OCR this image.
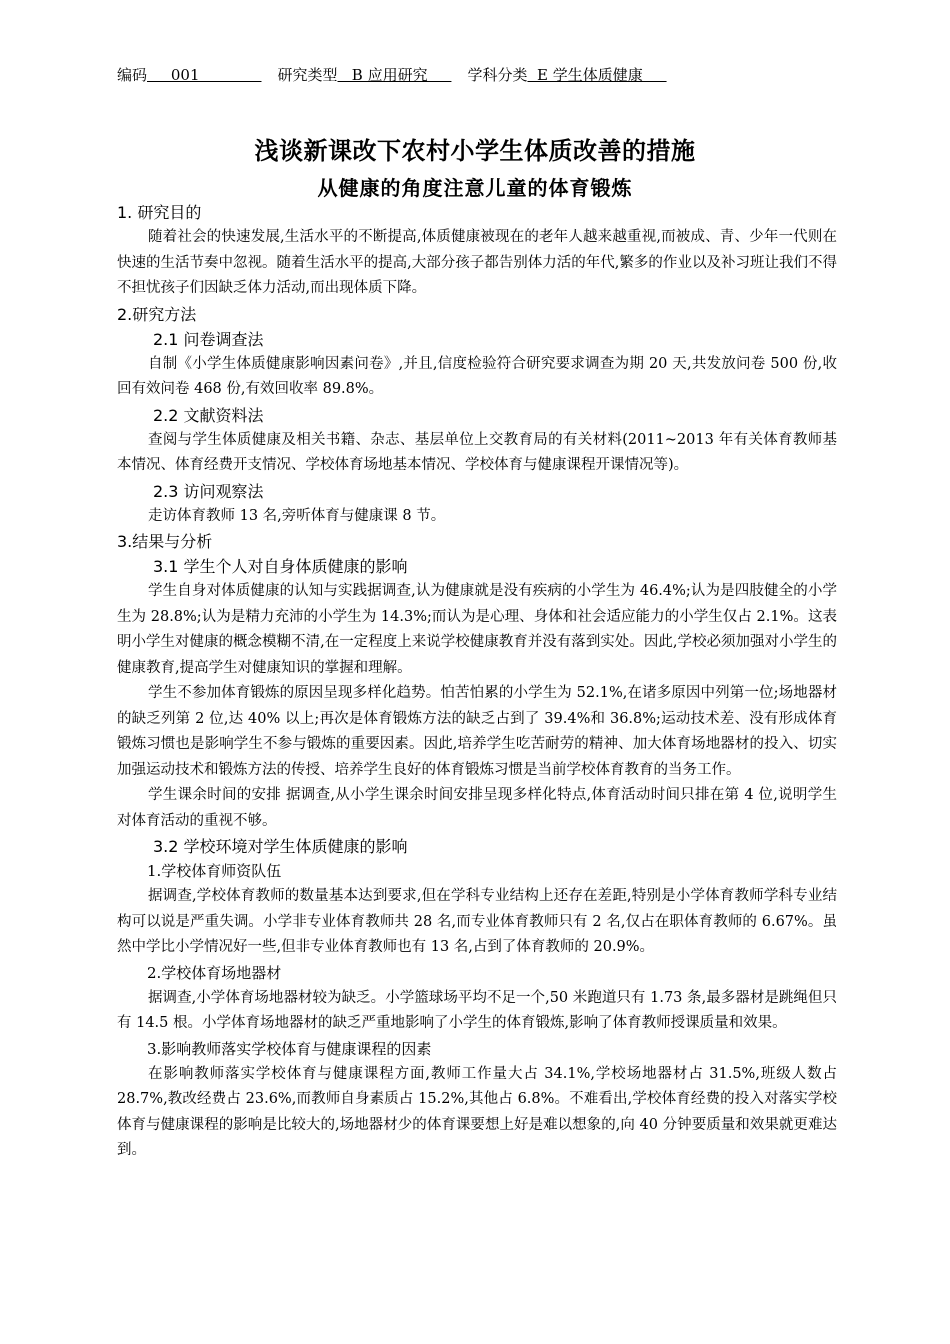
编码     001             研究类型   B 应用研究     学科分类  E 学生体质健康
浅谈新课改下农村小学生体质改善的措施
从健康的角度注意儿童的体育锻炼

1. 研究目的

随着社会的快速发展,生活水平的不断提高,体质健康被现在的老年人越来越重视,而被成、青、少年一代则在快速的生活节奏中忽视。随着生活水平的提高,大部分孩子都告别体力活的年代,繁多的作业以及补习班让我们不得不担忧孩子们因缺乏体力活动,而出现体质下降。

2.研究方法

2.1 问卷调查法

自制《小学生体质健康影响因素问卷》,并且,信度检验符合研究要求调查为期 20 天,共发放问卷 500 份,收回有效问卷 468 份,有效回收率 89.8%。

2.2 文献资料法

查阅与学生体质健康及相关书籍、杂志、基层单位上交教育局的有关材料(2011~2013 年有关体育教师基本情况、体育经费开支情况、学校体育场地基本情况、学校体育与健康课程开课情况等)。

2.3 访问观察法

走访体育教师 13 名,旁听体育与健康课 8 节。

3.结果与分析

3.1 学生个人对自身体质健康的影响

学生自身对体质健康的认知与实践据调查,认为健康就是没有疾病的小学生为 46.4%;认为是四肢健全的小学生为 28.8%;认为是精力充沛的小学生为 14.3%;而认为是心理、身体和社会适应能力的小学生仅占 2.1%。这表明小学生对健康的概念模糊不清,在一定程度上来说学校健康教育并没有落到实处。因此,学校必须加强对小学生的健康教育,提高学生对健康知识的掌握和理解。

学生不参加体育锻炼的原因呈现多样化趋势。怕苦怕累的小学生为 52.1%,在诸多原因中列第一位;场地器材的缺乏列第 2 位,达 40% 以上;再次是体育锻炼方法的缺乏占到了 39.4%和 36.8%;运动技术差、没有形成体育锻炼习惯也是影响学生不参与锻炼的重要因素。因此,培养学生吃苦耐劳的精神、加大体育场地器材的投入、切实加强运动技术和锻炼方法的传授、培养学生良好的体育锻炼习惯是当前学校体育教育的当务工作。

学生课余时间的安排 据调查,从小学生课余时间安排呈现多样化特点,体育活动时间只排在第 4 位,说明学生对体育活动的重视不够。

3.2 学校环境对学生体质健康的影响

1.学校体育师资队伍

据调查,学校体育教师的数量基本达到要求,但在学科专业结构上还存在差距,特别是小学体育教师学科专业结构可以说是严重失调。小学非专业体育教师共 28 名,而专业体育教师只有 2 名,仅占在职体育教师的 6.67%。虽然中学比小学情况好一些,但非专业体育教师也有 13 名,占到了体育教师的 20.9%。

2.学校体育场地器材

据调查,小学体育场地器材较为缺乏。小学篮球场平均不足一个,50 米跑道只有 1.73 条,最多器材是跳绳但只有 14.5 根。小学体育场地器材的缺乏严重地影响了小学生的体育锻炼,影响了体育教师授课质量和效果。

3.影响教师落实学校体育与健康课程的因素

在影响教师落实学校体育与健康课程方面,教师工作量大占 34.1%,学校场地器材占 31.5%,班级人数占 28.7%,教改经费占 23.6%,而教师自身素质占 15.2%,其他占 6.8%。不难看出,学校体育经费的投入对落实学校体育与健康课程的影响是比较大的,场地器材少的体育课要想上好是难以想象的,向 40 分钟要质量和效果就更难达到。
